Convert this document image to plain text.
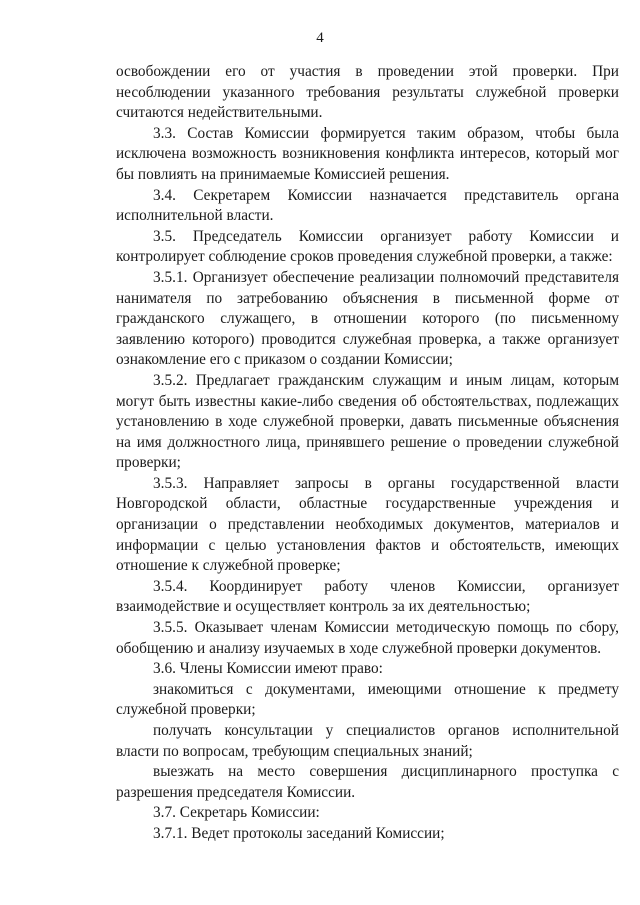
4

освобождении его от участия в проведении этой проверки. При несоблюдении указанного требования результаты служебной проверки считаются недействительными.

3.3. Состав Комиссии формируется таким образом, чтобы была исключена возможность возникновения конфликта интересов, который мог бы повлиять на принимаемые Комиссией решения.

3.4. Секретарем Комиссии назначается представитель органа исполнительной власти.

3.5. Председатель Комиссии организует работу Комиссии и контролирует соблюдение сроков проведения служебной проверки, а также:

3.5.1. Организует обеспечение реализации полномочий представителя нанимателя по затребованию объяснения в письменной форме от гражданского служащего, в отношении которого (по письменному заявлению которого) проводится служебная проверка, а также организует ознакомление его с приказом о создании Комиссии;

3.5.2. Предлагает гражданским служащим и иным лицам, которым могут быть известны какие-либо сведения об обстоятельствах, подлежащих установлению в ходе служебной проверки, давать письменные объяснения на имя должностного лица, принявшего решение о проведении служебной проверки;

3.5.3. Направляет запросы в органы государственной власти Новгородской области, областные государственные учреждения и организации о представлении необходимых документов, материалов и информации с целью установления фактов и обстоятельств, имеющих отношение к служебной проверке;

3.5.4. Координирует работу членов Комиссии, организует взаимодействие и осуществляет контроль за их деятельностью;

3.5.5. Оказывает членам Комиссии методическую помощь по сбору, обобщению и анализу изучаемых в ходе служебной проверки документов.

3.6. Члены Комиссии имеют право:

знакомиться с документами, имеющими отношение к предмету служебной проверки;

получать консультации у специалистов органов исполнительной власти по вопросам, требующим специальных знаний;

выезжать на место совершения дисциплинарного проступка с разрешения председателя Комиссии.

3.7. Секретарь Комиссии:

3.7.1. Ведет протоколы заседаний Комиссии;
